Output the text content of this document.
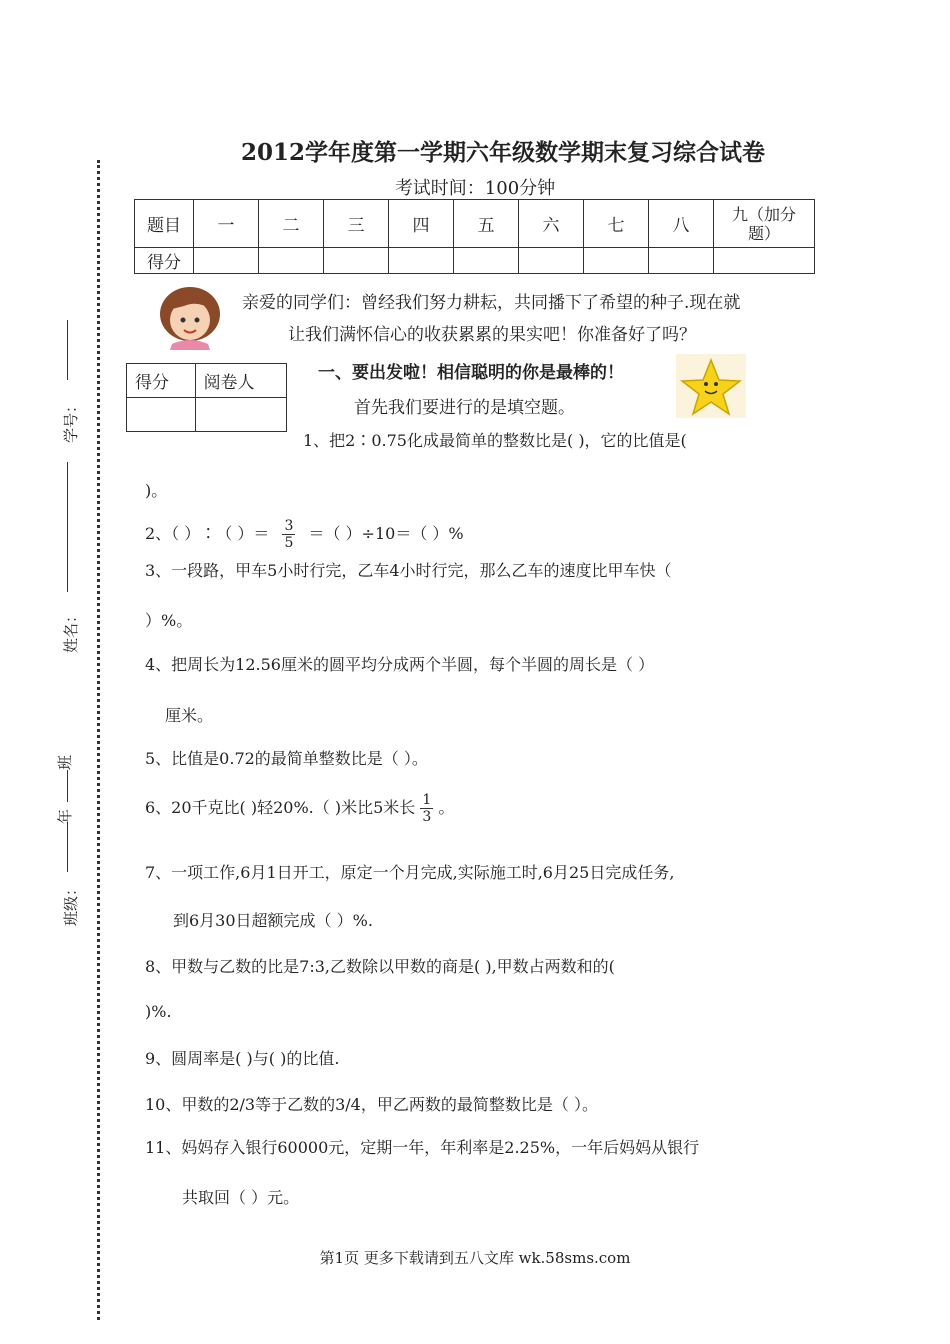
学号：
姓名：
班
年
班级：
2012学年度第一学期六年级数学期末复习综合试卷
考试时间：100分钟
题目	一	二	三	四	五	六	七	八	九（加分题）
得分									
亲爱的同学们：曾经我们努力耕耘，共同播下了希望的种子.现在就
让我们满怀信心的收获累累的果实吧！你准备好了吗？
得分	阅卷人
		一、要出发啦！相信聪明的你是最棒的！
首先我们要进行的是填空题。
1、把2∶0.75化成最简单的整数比是( )，它的比值是(
)。
2、（ ）∶（ ）＝ $\frac{3}{5}$ ＝（ ）÷10＝（ ）%
3、一段路，甲车5小时行完，乙车4小时行完，那么乙车的速度比甲车快（
）%。
4、把周长为12.56厘米的圆平均分成两个半圆，每个半圆的周长是（ ）
厘米。
5、比值是0.72的最简单整数比是（ ）。
6、20千克比( )轻20%.（ )米比5米长 $\frac{1}{3}$ 。
7、一项工作,6月1日开工，原定一个月完成,实际施工时,6月25日完成任务,
到6月30日超额完成（ ）%.
8、甲数与乙数的比是7:3,乙数除以甲数的商是( ),甲数占两数和的(
)%.
9、圆周率是( )与( )的比值.
10、甲数的2/3等于乙数的3/4，甲乙两数的最简整数比是（ ）。
11、妈妈存入银行60000元，定期一年，年利率是2.25%，一年后妈妈从银行
共取回（ ）元。
第1页 更多下载请到五八文库 wk.58sms.com
